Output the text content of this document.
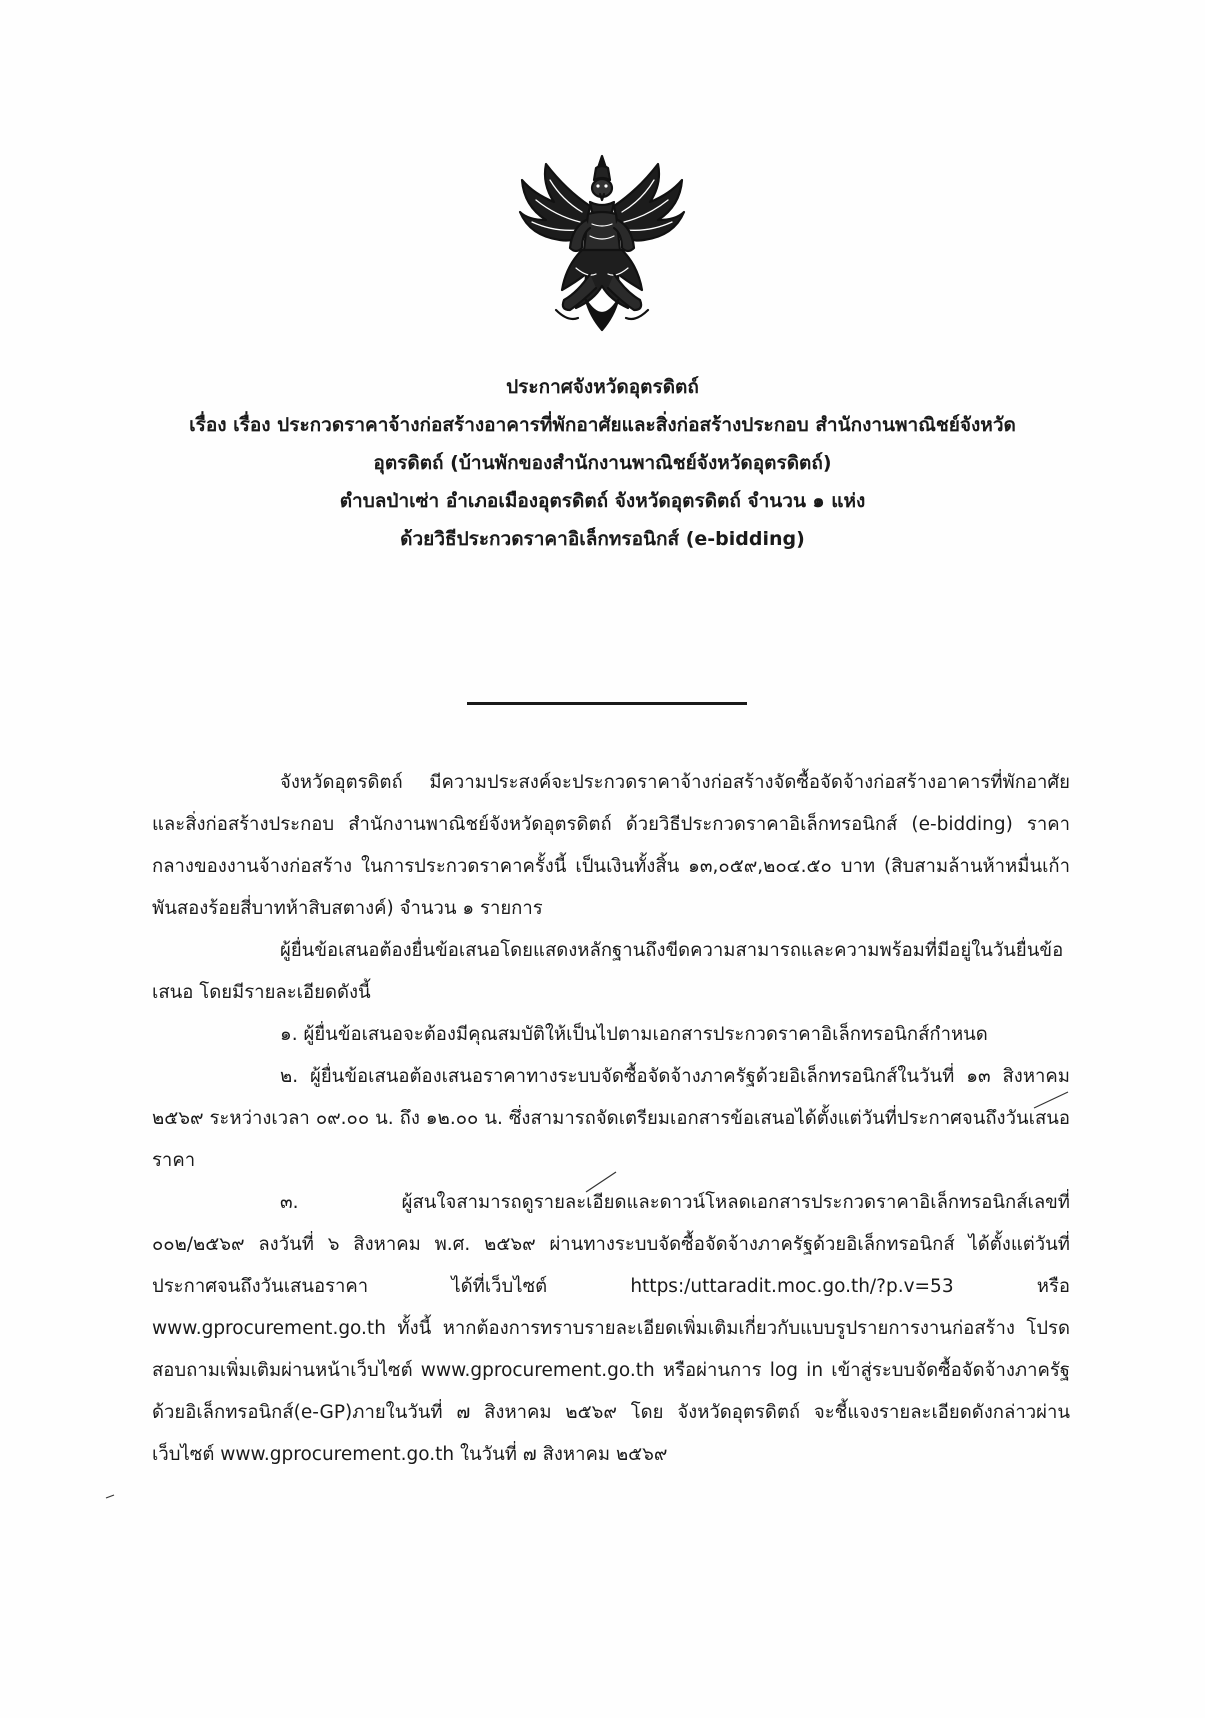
ประกาศจังหวัดอุตรดิตถ์
เรื่อง เรื่อง ประกวดราคาจ้างก่อสร้างอาคารที่พักอาศัยและสิ่งก่อสร้างประกอบ สำนักงานพาณิชย์จังหวัด
อุตรดิตถ์ (บ้านพักของสำนักงานพาณิชย์จังหวัดอุตรดิตถ์)
ตำบลป่าเซ่า อำเภอเมืองอุตรดิตถ์ จังหวัดอุตรดิตถ์ จำนวน ๑ แห่ง
ด้วยวิธีประกวดราคาอิเล็กทรอนิกส์ (e-bidding)

จังหวัดอุตรดิตถ์ มีความประสงค์จะประกวดราคาจ้างก่อสร้างจัดซื้อจัดจ้างก่อสร้างอาคารที่พักอาศัยและสิ่งก่อสร้างประกอบ สำนักงานพาณิชย์จังหวัดอุตรดิตถ์ ด้วยวิธีประกวดราคาอิเล็กทรอนิกส์ (e-bidding) ราคากลางของงานจ้างก่อสร้าง ในการประกวดราคาครั้งนี้ เป็นเงินทั้งสิ้น ๑๓,๐๕๙,๒๐๔.๕๐ บาท (สิบสามล้านห้าหมื่นเก้าพันสองร้อยสี่บาทห้าสิบสตางค์) จำนวน ๑ รายการ

ผู้ยื่นข้อเสนอต้องยื่นข้อเสนอโดยแสดงหลักฐานถึงขีดความสามารถและความพร้อมที่มีอยู่ในวันยื่นข้อเสนอ โดยมีรายละเอียดดังนี้

๑. ผู้ยื่นข้อเสนอจะต้องมีคุณสมบัติให้เป็นไปตามเอกสารประกวดราคาอิเล็กทรอนิกส์กำหนด

๒. ผู้ยื่นข้อเสนอต้องเสนอราคาทางระบบจัดซื้อจัดจ้างภาครัฐด้วยอิเล็กทรอนิกส์ในวันที่ ๑๓ สิงหาคม ๒๕๖๙ ระหว่างเวลา ๐๙.๐๐ น. ถึง ๑๒.๐๐ น. ซึ่งสามารถจัดเตรียมเอกสารข้อเสนอได้ตั้งแต่วันที่ประกาศจนถึงวันเสนอราคา

๓. ผู้สนใจสามารถดูรายละเอียดและดาวน์โหลดเอกสารประกวดราคาอิเล็กทรอนิกส์เลขที่ ๐๐๒/๒๕๖๙ ลงวันที่ ๖ สิงหาคม พ.ศ. ๒๕๖๙ ผ่านทางระบบจัดซื้อจัดจ้างภาครัฐด้วยอิเล็กทรอนิกส์ ได้ตั้งแต่วันที่ประกาศจนถึงวันเสนอราคา ได้ที่เว็บไซต์ https:/uttaradit.moc.go.th/?p.v=53 หรือ www.gprocurement.go.th ทั้งนี้ หากต้องการทราบรายละเอียดเพิ่มเติมเกี่ยวกับแบบรูปรายการงานก่อสร้าง โปรดสอบถามเพิ่มเติมผ่านหน้าเว็บไซต์ www.gprocurement.go.th หรือผ่านการ log in เข้าสู่ระบบจัดซื้อจัดจ้างภาครัฐด้วยอิเล็กทรอนิกส์(e-GP)ภายในวันที่ ๗ สิงหาคม ๒๕๖๙ โดย จังหวัดอุตรดิตถ์ จะชี้แจงรายละเอียดดังกล่าวผ่านเว็บไซต์ www.gprocurement.go.th ในวันที่ ๗ สิงหาคม ๒๕๖๙
